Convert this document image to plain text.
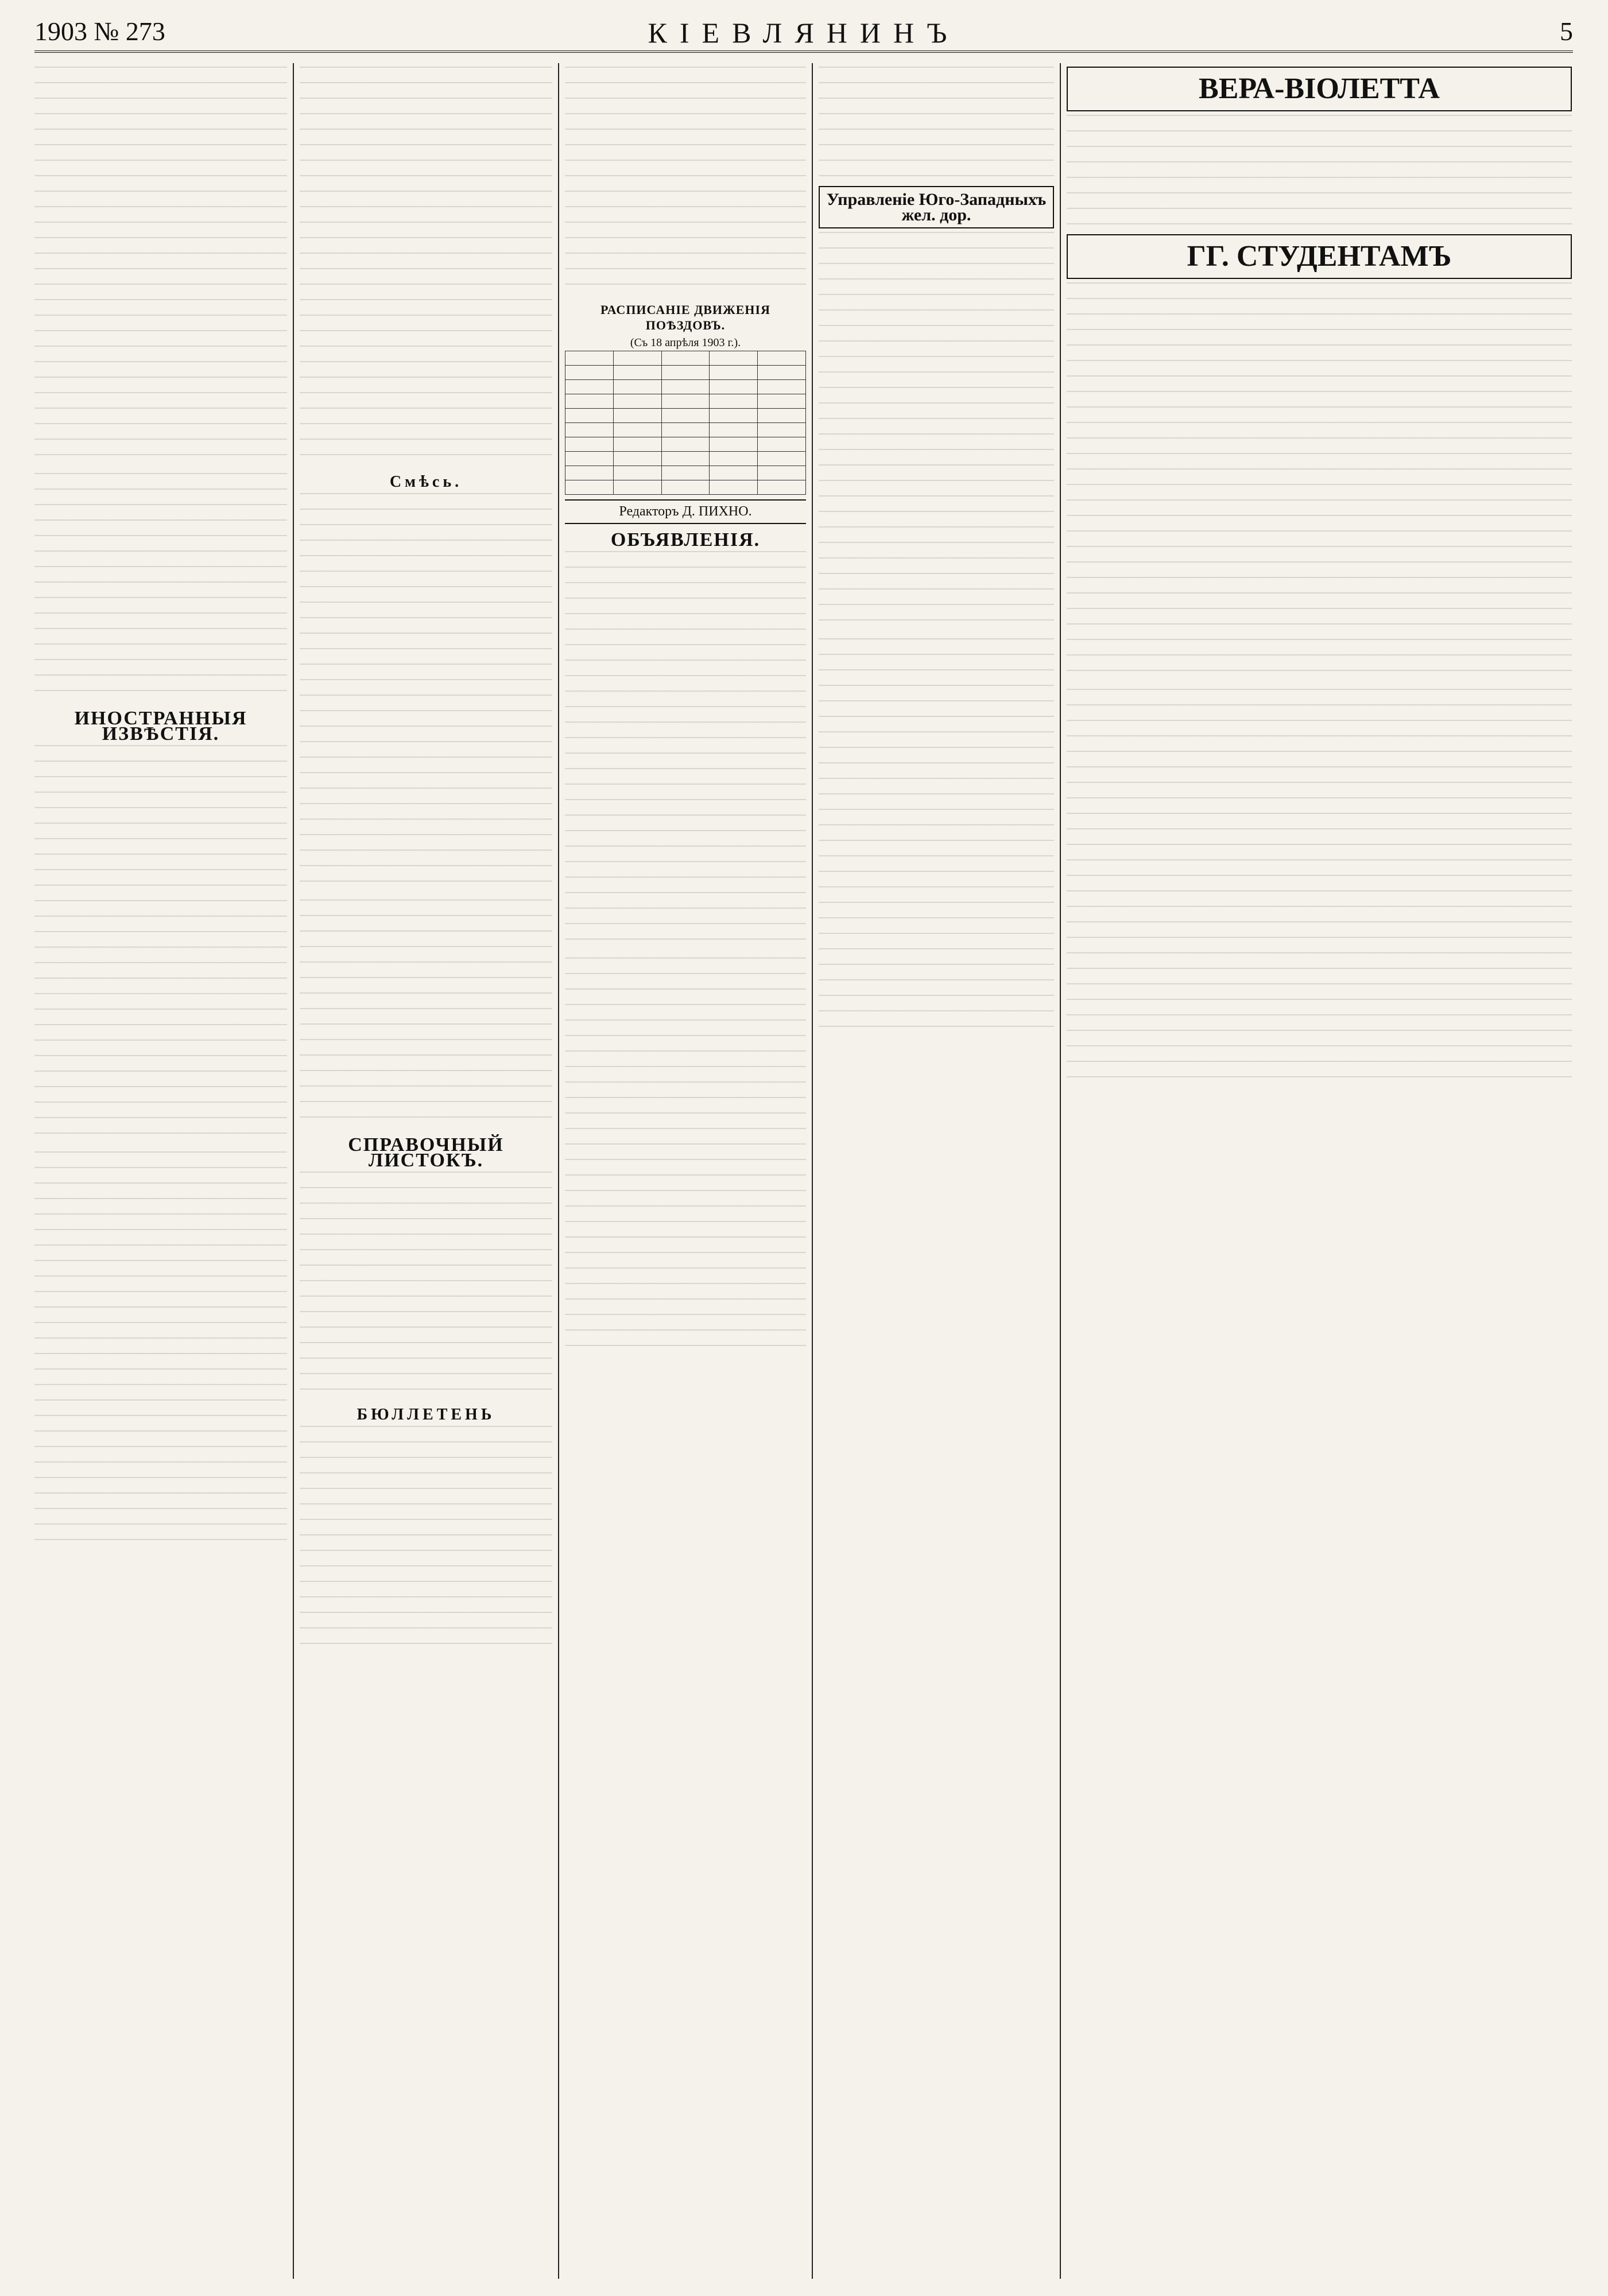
1903 № 273	КІЕВЛЯНИНЪ	5
ИНОСТРАННЫЯ ИЗВѢСТІЯ.
Смѣсь.
СПРАВОЧНЫЙ ЛИСТОКЪ.
БЮЛЛЕТЕНЬ
РАСПИСАНІЕ ДВИЖЕНІЯ ПОѢЗДОВЪ.
(Съ 18 апрѣля 1903 г.).

Редакторъ Д. ПИХНО.
ОБЪЯВЛЕНІЯ.
Управленіе Юго-Западныхъ жел. дор.
ВЕРА-ВІОЛЕТТА
ГГ. СТУДЕНТАМЪ
